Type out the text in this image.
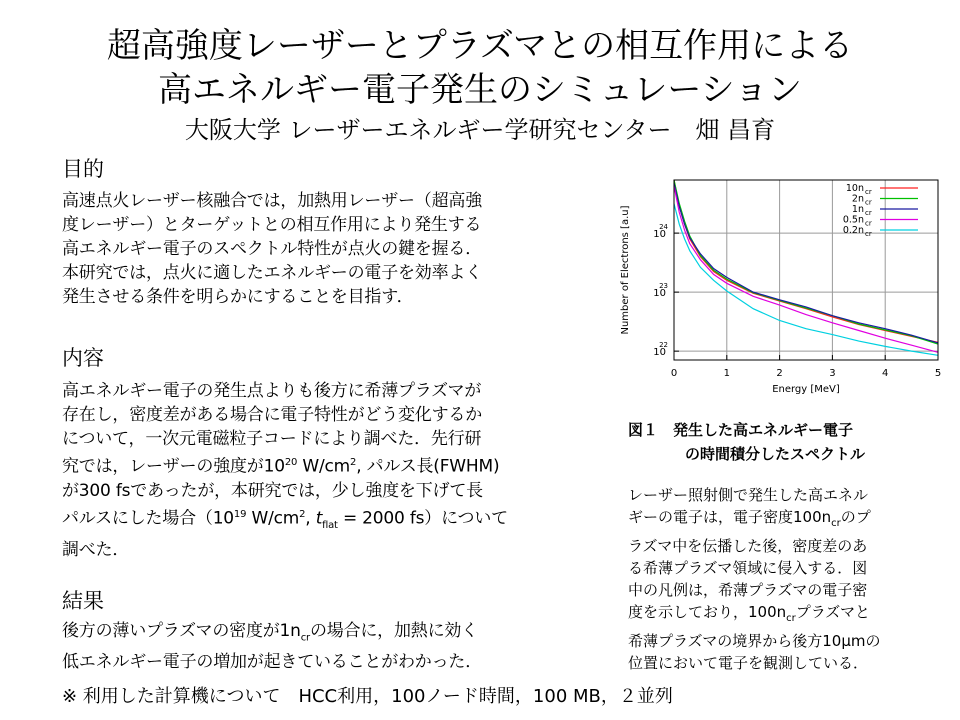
超高強度レーザーとプラズマとの相互作用による
高エネルギー電子発生のシミュレーション
大阪大学 レーザーエネルギー学研究センター　畑 昌育
目的
高速点火レーザー核融合では，加熱用レーザー（超高強
度レーザー）とターゲットとの相互作用により発生する
高エネルギー電子のスペクトル特性が点火の鍵を握る．
本研究では，点火に適したエネルギーの電子を効率よく
発生させる条件を明らかにすることを目指す．
内容
高エネルギー電子の発生点よりも後方に希薄プラズマが
存在し，密度差がある場合に電子特性がどう変化するか
について，一次元電磁粒子コードにより調べた．先行研
究では，レーザーの強度が$10^{20}$ $W/cm^2$, パルス長(FWHM)
が300 fsであったが，本研究では，少し強度を下げて長
パルスにした場合（$10^{19}$ $W/cm^2$, $t_{flat} = 2000$ fs）について
調べた．
結果
後方の薄いプラズマの密度が$1n_{cr}$の場合に，加熱に効く
低エネルギー電子の増加が起きていることがわかった．
※ 利用した計算機について　HCC利用，100ノード時間，100 MB，２並列
0	1	2	3	4	5
10
22
10
23
10
24
Energy [MeV]
Number of Electrons [a.u]
10n cr
2n cr
1n cr
0.5n cr
0.2n cr
図１　発生した高エネルギー電子
の時間積分したスペクトル
レーザー照射側で発生した高エネル
ギーの電子は，電子密度$100n_{cr}$のプ
ラズマ中を伝播した後，密度差のあ
る希薄プラズマ領域に侵入する．図
中の凡例は，希薄プラズマの電子密
度を示しており，$100n_{cr}$プラズマと
希薄プラズマの境界から後方10μmの
位置において電子を観測している．
